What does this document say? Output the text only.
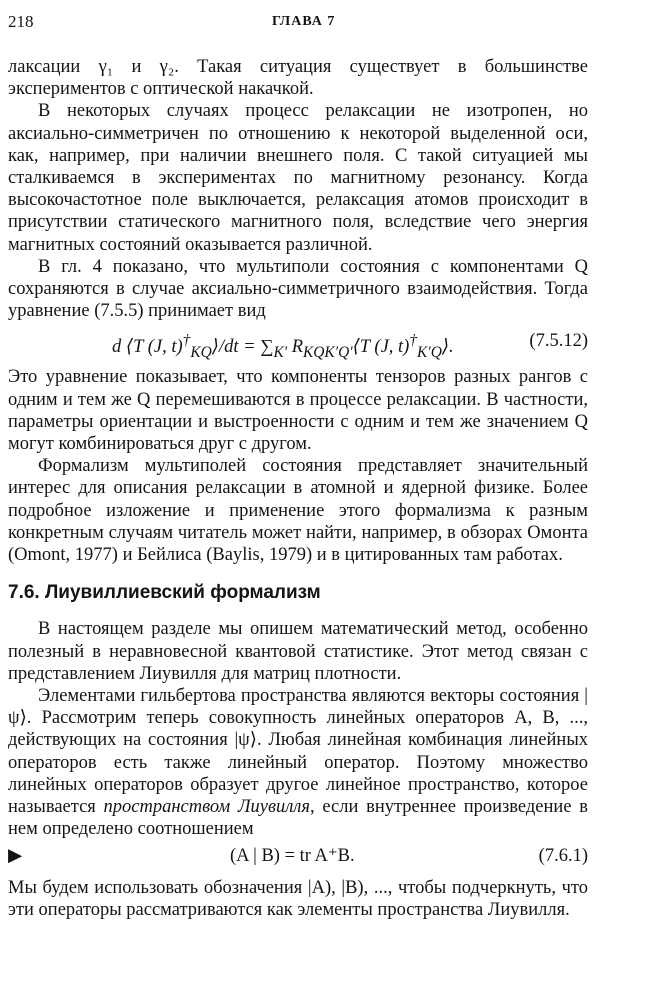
218	ГЛАВА 7

лаксации γ₁ и γ₂. Такая ситуация существует в большинстве экспериментов с оптической накачкой.

В некоторых случаях процесс релаксации не изотропен, но аксиально-симметричен по отношению к некоторой выделенной оси, как, например, при наличии внешнего поля. С такой ситуацией мы сталкиваемся в экспериментах по магнитному резонансу. Когда высокочастотное поле выключается, релаксация атомов происходит в присутствии статического магнитного поля, вследствие чего энергия магнитных состояний оказывается различной.

В гл. 4 показано, что мультиполи состояния с компонентами Q сохраняются в случае аксиально-симметричного взаимодействия. Тогда уравнение (7.5.5) принимает вид

d ⟨T (J, $t)^\dagger_{KQ}⟩/dt = \sum_{K'}$ $R_{KQK'Q'}⟨T$ (J, $t)^\dagger_{K'Q}⟩$.	(7.5.12)

Это уравнение показывает, что компоненты тензоров разных рангов с одним и тем же Q перемешиваются в процессе релаксации. В частности, параметры ориентации и выстроенности с одним и тем же значением Q могут комбинироваться друг с другом.

Формализм мультиполей состояния представляет значительный интерес для описания релаксации в атомной и ядерной физике. Более подробное изложение и применение этого формализма к разным конкретным случаям читатель может найти, например, в обзорах Омонта (Omont, 1977) и Бейлиса (Baylis, 1979) и в цитированных там работах.

7.6. Лиувиллиевский формализм

В настоящем разделе мы опишем математический метод, особенно полезный в неравновесной квантовой статистике. Этот метод связан с представлением Лиувилля для матриц плотности.

Элементами гильбертова пространства являются векторы состояния |ψ⟩. Рассмотрим теперь совокупность линейных операторов A, B, ..., действующих на состояния |ψ⟩. Любая линейная комбинация линейных операторов есть также линейный оператор. Поэтому множество линейных операторов образует другое линейное пространство, которое называется пространством Лиувилля, если внутреннее произведение в нем определено соотношением

▶	(A | B) = tr A⁺B.	(7.6.1)

Мы будем использовать обозначения |A), |B), ..., чтобы подчеркнуть, что эти операторы рассматриваются как элементы пространства Лиувилля.
